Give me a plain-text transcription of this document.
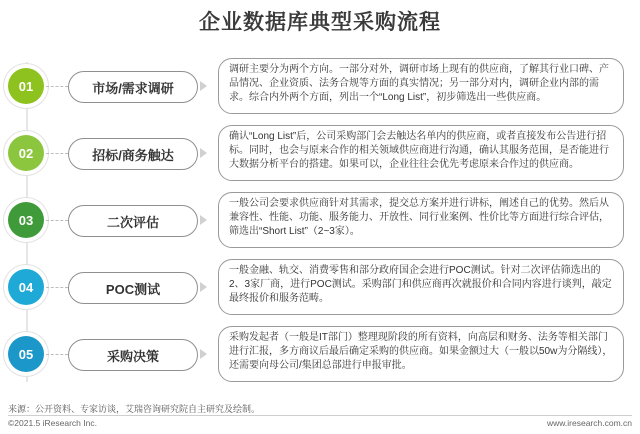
企业数据库典型采购流程
01	市场/需求调研
调研主要分为两个方向。一部分对外，调研市场上现有的供应商，了解其行业口碑、产品情况、企业资质、法务合规等方面的真实情况；另一部分对内，调研企业内部的需求。综合内外两个方面，列出一个“Long List”，初步筛选出一些供应商。
02	招标/商务触达
确认“Long List”后，公司采购部门会去触达名单内的供应商，或者直接发布公告进行招标。同时，也会与原来合作的相关领域供应商进行沟通，确认其服务范围，是否能进行大数据分析平台的搭建。如果可以，企业往往会优先考虑原来合作过的供应商。
03	二次评估
一般公司会要求供应商针对其需求，提交总方案并进行讲标，阐述自己的优势。然后从兼容性、性能、功能、服务能力、开放性、同行业案例、性价比等方面进行综合评估，筛选出“Short List”（2~3家）。
04	POC测试
一般金融、轨交、消费零售和部分政府国企会进行POC测试。针对二次评估筛选出的2、3家厂商，进行POC测试。采购部门和供应商再次就报价和合同内容进行谈判，敲定最终报价和服务范畴。
05	采购决策
采购发起者（一般是IT部门）整理现阶段的所有资料，向高层和财务、法务等相关部门进行汇报，多方商议后最后确定采购的供应商。如果金额过大（一般以50w为分隔线），还需要向母公司/集团总部进行申报审批。
来源：公开资料、专家访谈，艾瑞咨询研究院自主研究及绘制。
©2021.5 iResearch Inc.	www.iresearch.com.cn
